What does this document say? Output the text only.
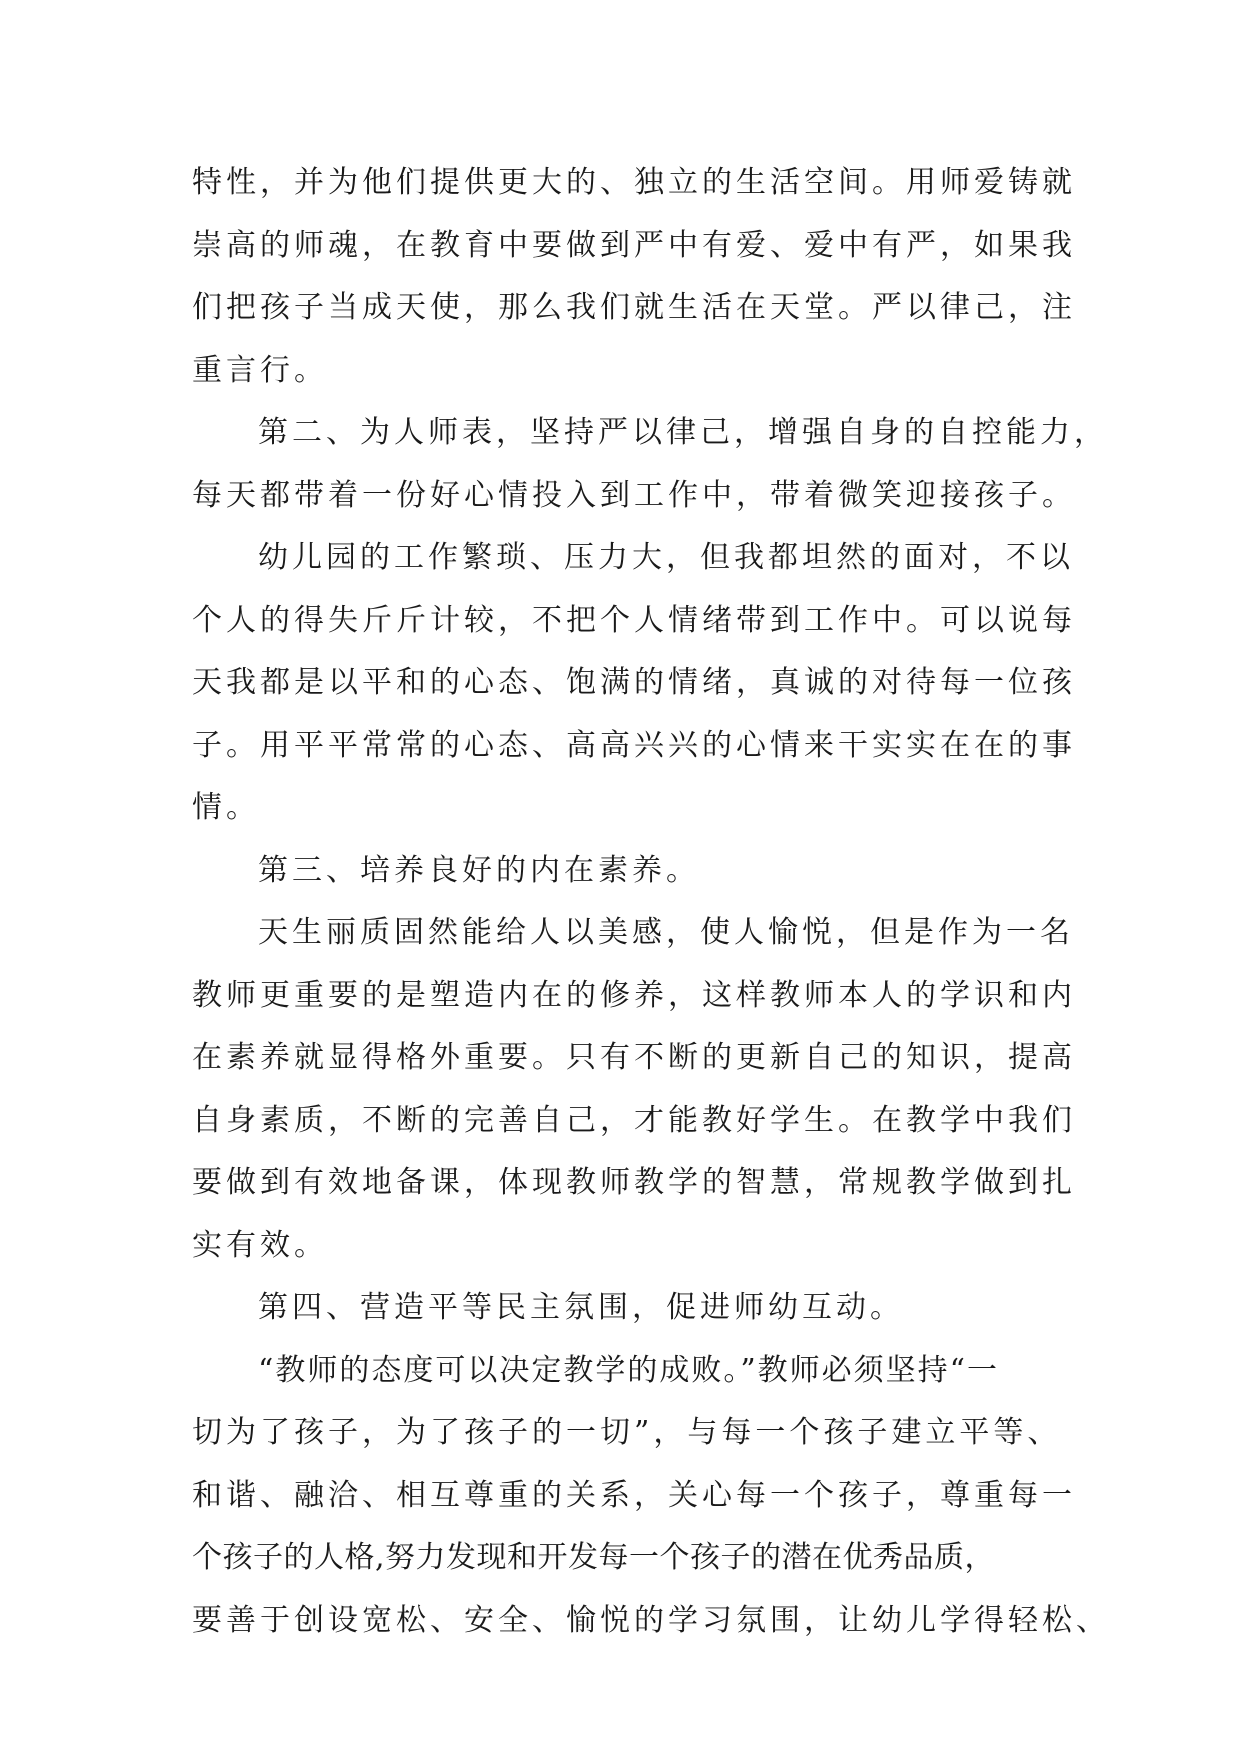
特性，并为他们提供更大的、独立的生活空间。用师爱铸就
崇高的师魂，在教育中要做到严中有爱、爱中有严，如果我
们把孩子当成天使，那么我们就生活在天堂。严以律己，注
重言行。
第二、为人师表，坚持严以律己，增强自身的自控能力，
每天都带着一份好心情投入到工作中，带着微笑迎接孩子。
幼儿园的工作繁琐、压力大，但我都坦然的面对，不以
个人的得失斤斤计较，不把个人情绪带到工作中。可以说每
天我都是以平和的心态、饱满的情绪，真诚的对待每一位孩
子。用平平常常的心态、高高兴兴的心情来干实实在在的事
情。
第三、培养良好的内在素养。
天生丽质固然能给人以美感，使人愉悦，但是作为一名
教师更重要的是塑造内在的修养，这样教师本人的学识和内
在素养就显得格外重要。只有不断的更新自己的知识，提高
自身素质，不断的完善自己，才能教好学生。在教学中我们
要做到有效地备课，体现教师教学的智慧，常规教学做到扎
实有效。
第四、营造平等民主氛围，促进师幼互动。
“教师的态度可以决定教学的成败。”教师必须坚持“一
切为了孩子，为了孩子的一切”，与每一个孩子建立平等、
和谐、融洽、相互尊重的关系，关心每一个孩子，尊重每一
个孩子的人格,努力发现和开发每一个孩子的潜在优秀品质，
要善于创设宽松、安全、愉悦的学习氛围，让幼儿学得轻松、
